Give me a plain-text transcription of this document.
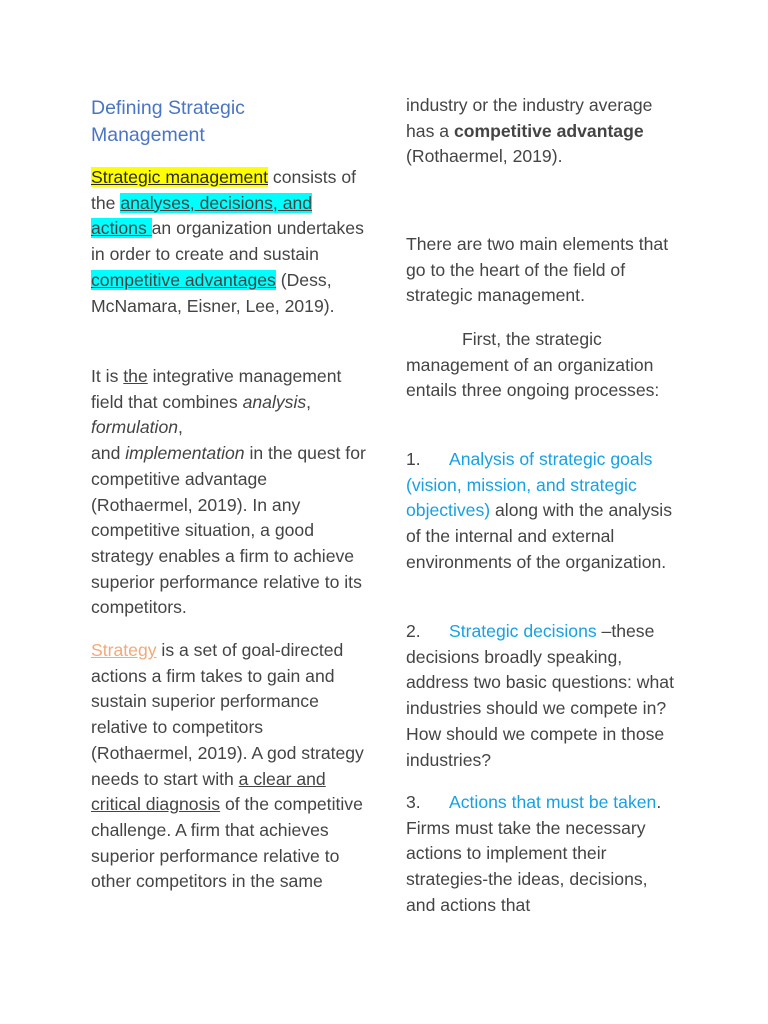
Defining Strategic
Management

Strategic management consists of the analyses, decisions, and actions an organization undertakes in order to create and sustain competitive advantages (Dess, McNamara, Eisner, Lee, 2019).

It is the integrative management field that combines analysis,
formulation,
and implementation in the quest for competitive advantage (Rothaermel, 2019). In any competitive situation, a good strategy enables a firm to achieve superior performance relative to its competitors.

Strategy is a set of goal-directed actions a firm takes to gain and sustain superior performance relative to competitors (Rothaermel, 2019). A god strategy needs to start with a clear and critical diagnosis of the competitive challenge. A firm that achieves superior performance relative to other competitors in the same

industry or the industry average has a competitive advantage (Rothaermel, 2019).

There are two main elements that go to the heart of the field of strategic management.

First, the strategic management of an organization entails three ongoing processes:

1. Analysis of strategic goals (vision, mission, and strategic objectives) along with the analysis of the internal and external environments of the organization.

2. Strategic decisions –these decisions broadly speaking, address two basic questions: what industries should we compete in? How should we compete in those industries?

3. Actions that must be taken. Firms must take the necessary actions to implement their strategies-the ideas, decisions, and actions that
